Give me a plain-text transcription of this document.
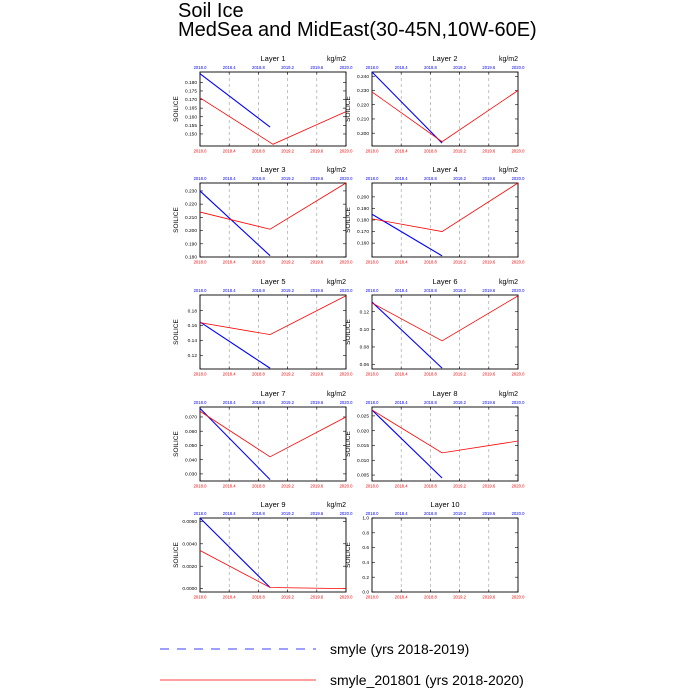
Soil Ice
MedSea and MidEast(30-45N,10W-60E)
Layer 1	kg/m2
2018.0
2018.0
2018.4
2018.4
2018.8
2018.8
2019.2
2019.2
2019.6
2019.6
2020.0
2020.0
0.150
0.155
0.160
0.165
0.170
0.175
0.180
SOILICE
Layer 2	kg/m2
2018.0
2018.0
2018.4
2018.4
2018.8
2018.8
2019.2
2019.2
2019.6
2019.6
2020.0
2020.0
0.200
0.210
0.220
0.230
0.240
SOILICE
Layer 3	kg/m2
2018.0
2018.0
2018.4
2018.4
2018.8
2018.8
2019.2
2019.2
2019.6
2019.6
2020.0
2020.0
0.180
0.190
0.200
0.210
0.220
0.230
SOILICE
Layer 4	kg/m2
2018.0
2018.0
2018.4
2018.4
2018.8
2018.8
2019.2
2019.2
2019.6
2019.6
2020.0
2020.0
0.160
0.170
0.180
0.190
0.200
SOILICE
Layer 5	kg/m2
2018.0
2018.0
2018.4
2018.4
2018.8
2018.8
2019.2
2019.2
2019.6
2019.6
2020.0
2020.0
0.12
0.14
0.16
0.18
SOILICE
Layer 6	kg/m2
2018.0
2018.0
2018.4
2018.4
2018.8
2018.8
2019.2
2019.2
2019.6
2019.6
2020.0
2020.0
0.06
0.08
0.10
0.12
SOILICE
Layer 7	kg/m2
2018.0
2018.0
2018.4
2018.4
2018.8
2018.8
2019.2
2019.2
2019.6
2019.6
2020.0
2020.0
0.030
0.040
0.050
0.060
0.070
SOILICE
Layer 8	kg/m2
2018.0
2018.0
2018.4
2018.4
2018.8
2018.8
2019.2
2019.2
2019.6
2019.6
2020.0
2020.0
0.005
0.010
0.015
0.020
0.025
SOILICE
Layer 9	kg/m2
2018.0
2018.0
2018.4
2018.4
2018.8
2018.8
2019.2
2019.2
2019.6
2019.6
2020.0
2020.0
0.0000
0.0020
0.0040
0.0060
SOILICE
Layer 10
2018.0
2018.0
2018.4
2018.4
2018.8
2018.8
2019.2
2019.2
2019.6
2019.6
2020.0
2020.0
0.0
0.2
0.4
0.6
0.8
1.0
SOILICE
smyle (yrs 2018-2019)
smyle_201801 (yrs 2018-2020)
